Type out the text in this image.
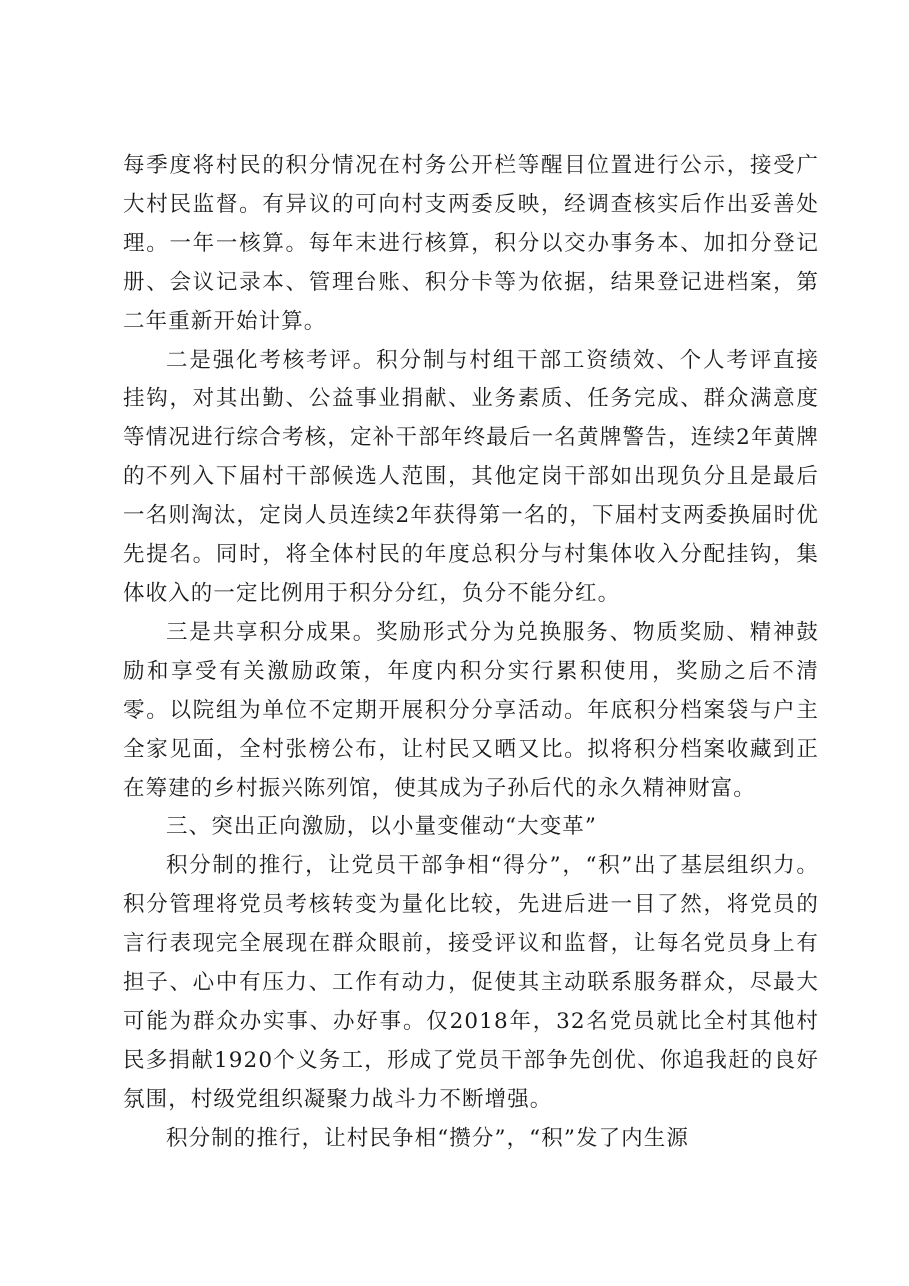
每季度将村民的积分情况在村务公开栏等醒目位置进行公示，接受广大村民监督。有异议的可向村支两委反映，经调查核实后作出妥善处理。一年一核算。每年末进行核算，积分以交办事务本、加扣分登记册、会议记录本、管理台账、积分卡等为依据，结果登记进档案，第二年重新开始计算。

二是强化考核考评。积分制与村组干部工资绩效、个人考评直接挂钩，对其出勤、公益事业捐献、业务素质、任务完成、群众满意度等情况进行综合考核，定补干部年终最后一名黄牌警告，连续2年黄牌的不列入下届村干部候选人范围，其他定岗干部如出现负分且是最后一名则淘汰，定岗人员连续2年获得第一名的，下届村支两委换届时优先提名。同时，将全体村民的年度总积分与村集体收入分配挂钩，集体收入的一定比例用于积分分红，负分不能分红。

三是共享积分成果。奖励形式分为兑换服务、物质奖励、精神鼓励和享受有关激励政策，年度内积分实行累积使用，奖励之后不清零。以院组为单位不定期开展积分分享活动。年底积分档案袋与户主全家见面，全村张榜公布，让村民又晒又比。拟将积分档案收藏到正在筹建的乡村振兴陈列馆，使其成为子孙后代的永久精神财富。

三、突出正向激励，以小量变催动“大变革”

积分制的推行，让党员干部争相“得分”，“积”出了基层组织力。积分管理将党员考核转变为量化比较，先进后进一目了然，将党员的言行表现完全展现在群众眼前，接受评议和监督，让每名党员身上有担子、心中有压力、工作有动力，促使其主动联系服务群众，尽最大可能为群众办实事、办好事。仅2018年，32名党员就比全村其他村民多捐献1920个义务工，形成了党员干部争先创优、你追我赶的良好氛围，村级党组织凝聚力战斗力不断增强。

积分制的推行，让村民争相“攒分”，“积”发了内生源
